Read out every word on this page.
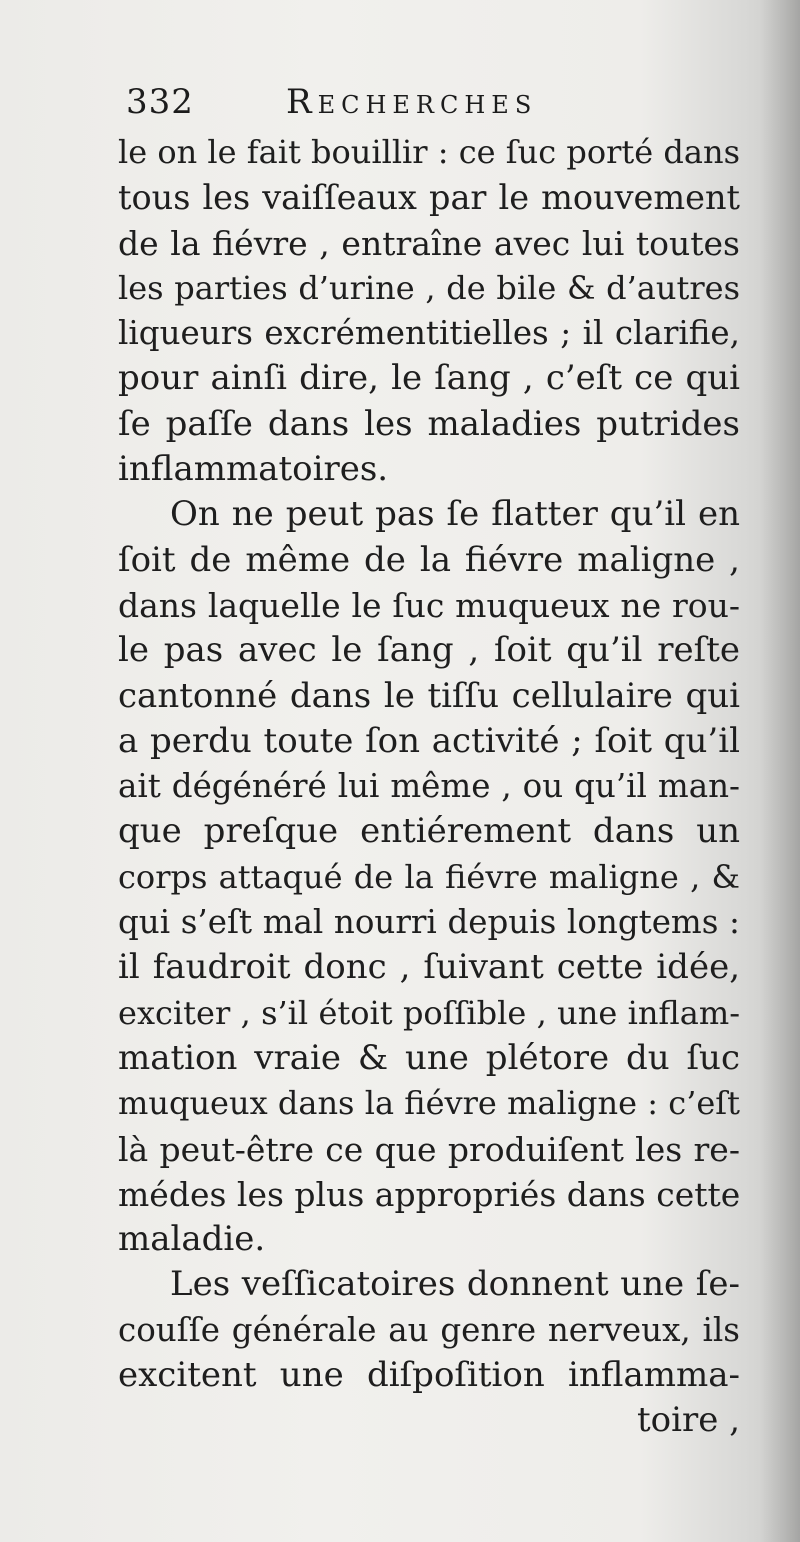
332	Recherches
le on le fait bouillir : ce ſuc porté dans
tous les vaiſſeaux par le mouvement
de la fiévre , entraîne avec lui toutes
les parties d’urine , de bile & d’autres
liqueurs excrémentitielles ; il clarifie,
pour ainſi dire, le ſang , c’eſt ce qui
ſe paſſe dans les maladies putrides
inflammatoires.
On ne peut pas ſe flatter qu’il en
ſoit de même de la fiévre maligne ,
dans laquelle le ſuc muqueux ne rou-
le pas avec le ſang , ſoit qu’il reſte
cantonné dans le tiſſu cellulaire qui
a perdu toute ſon activité ; ſoit qu’il
ait dégénéré lui même , ou qu’il man-
que preſque entiérement dans un
corps attaqué de la fiévre maligne , &
qui s’eſt mal nourri depuis longtems :
il faudroit donc , ſuivant cette idée,
exciter , s’il étoit poſſible , une inflam-
mation vraie & une plétore du ſuc
muqueux dans la fiévre maligne : c’eſt
là peut-être ce que produiſent les re-
médes les plus appropriés dans cette
maladie.
Les veſſicatoires donnent une ſe-
couſſe générale au genre nerveux, ils
excitent une diſpoſition inflamma-
toire ,
